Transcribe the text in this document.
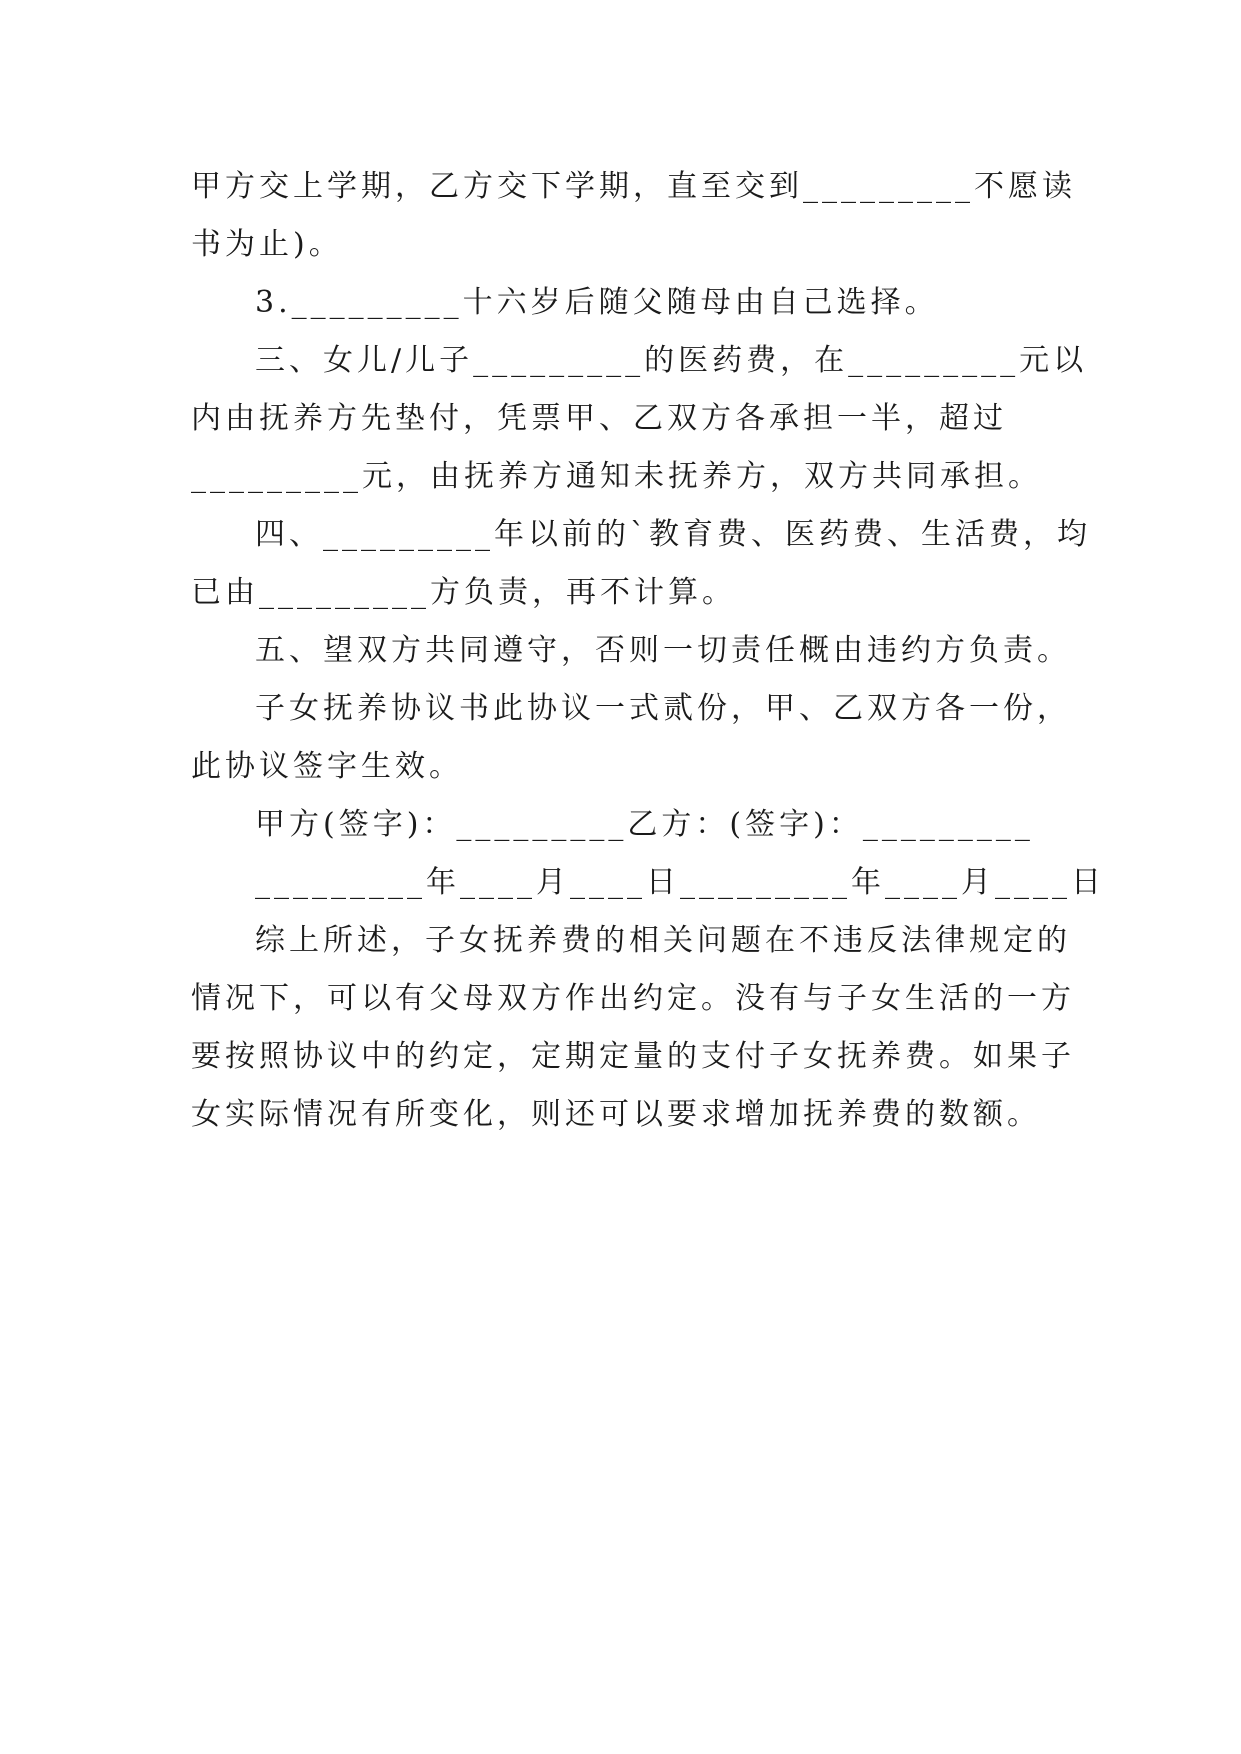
甲方交上学期，乙方交下学期，直至交到_________不愿读
书为止)。
3._________十六岁后随父随母由自己选择。
三、女儿/儿子_________的医药费，在_________元以
内由抚养方先垫付，凭票甲、乙双方各承担一半，超过
_________元，由抚养方通知未抚养方，双方共同承担。
四、_________年以前的`教育费、医药费、生活费，均
已由_________方负责，再不计算。
五、望双方共同遵守，否则一切责任概由违约方负责。
子女抚养协议书此协议一式贰份，甲、乙双方各一份，
此协议签字生效。
甲方(签字)：_________乙方：(签字)：_________
_________年____月____日_________年____月____日
综上所述，子女抚养费的相关问题在不违反法律规定的
情况下，可以有父母双方作出约定。没有与子女生活的一方
要按照协议中的约定，定期定量的支付子女抚养费。如果子
女实际情况有所变化，则还可以要求增加抚养费的数额。
